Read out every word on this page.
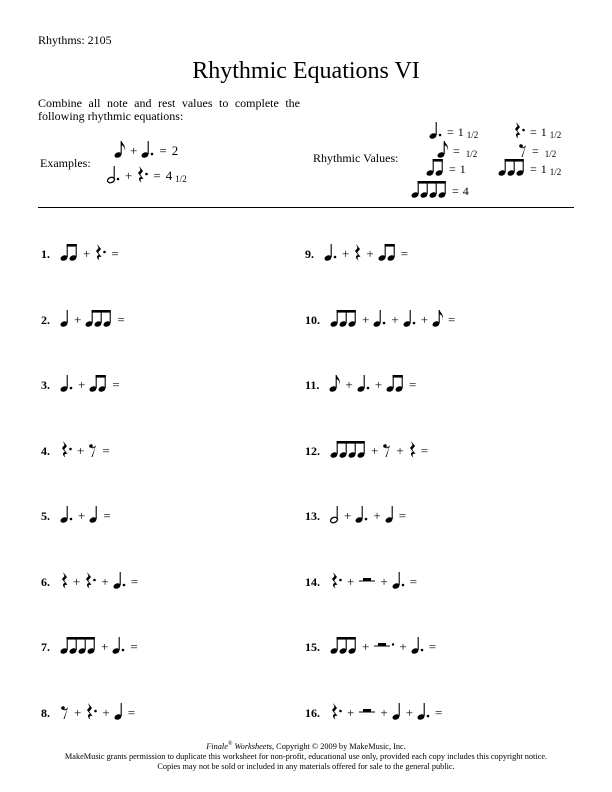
Rhythms: 2105
Rhythmic Equations VI
Combine all note and rest values to complete the following rhythmic equations:
Examples:
+ = 2
+ = 4 1/2
Rhythmic Values:
= 1 1/2	= 1 1/2
= 1/2	= 1/2
= 1	= 1 1/2
= 4
1.	+ =
2. +	=
3. + =
4. + =
5. + =
6. + + =
7.	+ =
8. + + =
9. + + =
10.	+ + + =
11. + + =
12.	+ + =
13. + + =
14. + + =
15.	+ + =
16. + + + =
Finale® Worksheets, Copyright © 2009 by MakeMusic, Inc.
MakeMusic grants permission to duplicate this worksheet for non-profit, educational use only, provided each copy includes this copyright notice.
Copies may not be sold or included in any materials offered for sale to the general public.
